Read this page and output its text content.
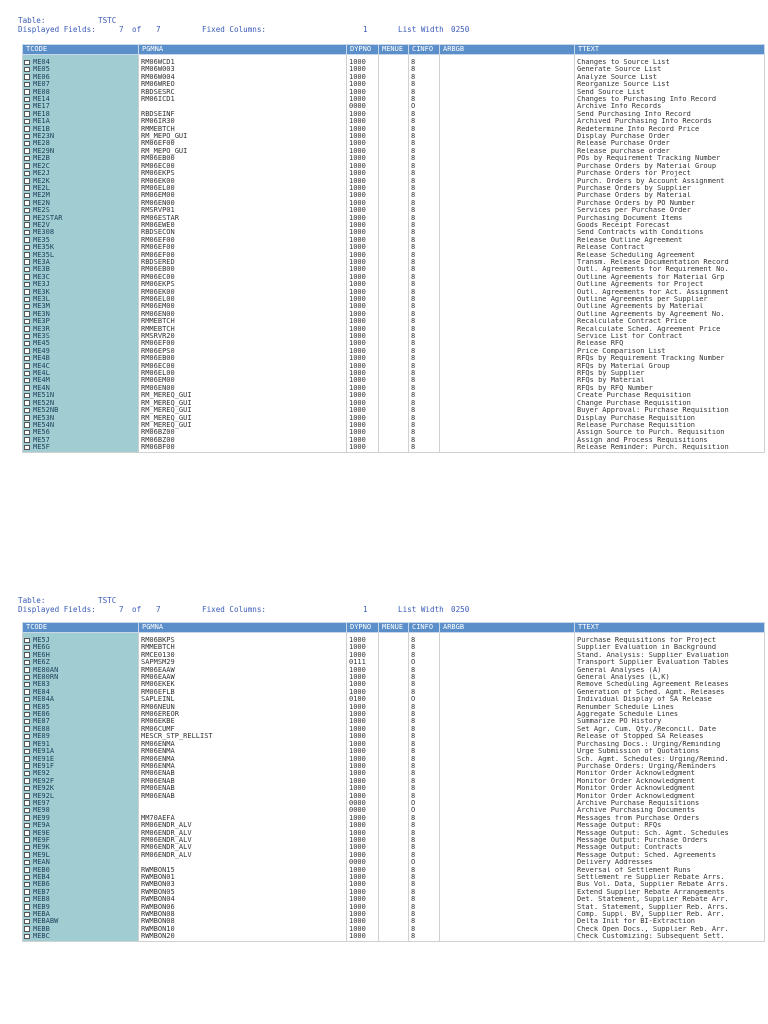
Table:	TSTC
Displayed Fields:	7 of 7	Fixed Columns:	1	List Width 0250
TCODE	PGMNA	DYPNO	MENUE	CINFO	ARBGB	TTEXT

ME04	RM06WCD1	1000		8		Changes to Source List

ME05	RM06W003	1000		8		Generate Source List

ME06	RM06W004	1000		8		Analyze Source List

ME07	RM06WREO	1000		8		Reorganize Source List

ME08	RBDSESRC	1000		8		Send Source List

ME14	RM06ICD1	1000		8		Changes to Purchasing Info Record

ME17		0000		O		Archive Info Records

ME18	RBDSEINF	1000		8		Send Purchasing Info Record

ME1A	RM06IR30	1000		8		Archived Purchasing Info Records

ME1B	RMMEBTCH	1000		8		Redetermine Info Record Price

ME23N	RM_MEPO_GUI	1000		8		Display Purchase Order

ME28	RM06EF00	1000		8		Release Purchase Order

ME29N	RM_MEPO_GUI	1000		8		Release purchase order

ME2B	RM06EB00	1000		8		POs by Requirement Tracking Number

ME2C	RM06EC00	1000		8		Purchase Orders by Material Group

ME2J	RM06EKPS	1000		8		Purchase Orders for Project

ME2K	RM06EK00	1000		8		Purch. Orders by Account Assignment

ME2L	RM06EL00	1000		8		Purchase Orders by Supplier

ME2M	RM06EM00	1000		8		Purchase Orders by Material

ME2N	RM06EN00	1000		8		Purchase Orders by PO Number

ME2S	RMSRVP01	1000		8		Services per Purchase Order

ME2STAR	RM06ESTAR	1000		8		Purchasing Document Items

ME2V	RM06EWE0	1000		8		Goods Receipt Forecast

ME308	RBDSECON	1000		8		Send Contracts with Conditions

ME35	RM06EF00	1000		8		Release Outline Agreement

ME35K	RM06EF00	1000		8		Release Contract

ME35L	RM06EF00	1000		8		Release Scheduling Agreement

ME3A	RBDSERED	1000		8		Transm. Release Documentation Record

ME3B	RM06EB00	1000		8		Outl. Agreements for Requirement No.

ME3C	RM06EC00	1000		8		Outline Agreements for Material Grp

ME3J	RM06EKPS	1000		8		Outline Agreements for Project

ME3K	RM06EK00	1000		8		Outl. Agreements for Act. Assignment

ME3L	RM06EL00	1000		8		Outline Agreements per Supplier

ME3M	RM06EM00	1000		8		Outline Agreements by Material

ME3N	RM06EN00	1000		8		Outline Agreements by Agreement No.

ME3P	RMMEBTCH	1000		8		Recalculate Contract Price

ME3R	RMMEBTCH	1000		8		Recalculate Sched. Agreement Price

ME3S	RMSRVR20	1000		8		Service List for Contract

ME45	RM06EF00	1000		8		Release RFQ

ME49	RM06EPS0	1000		8		Price Comparison List

ME4B	RM06EB00	1000		8		RFQs by Requirement Tracking Number

ME4C	RM06EC00	1000		8		RFQs by Material Group

ME4L	RM06EL00	1000		8		RFQs by Supplier

ME4M	RM06EM00	1000		8		RFQs by Material

ME4N	RM06EN00	1000		8		RFQs by RFQ Number

ME51N	RM_MEREQ_GUI	1000		8		Create Purchase Requisition

ME52N	RM_MEREQ_GUI	1000		8		Change Purchase Requisition

ME52NB	RM_MEREQ_GUI	1000		8		Buyer Approval: Purchase Requisition

ME53N	RM_MEREQ_GUI	1000		8		Display Purchase Requisition

ME54N	RM_MEREQ_GUI	1000		8		Release Purchase Requisition

ME56	RM06BZ00	1000		8		Assign Source to Purch. Requisition

ME57	RM06BZ00	1000		8		Assign and Process Requisitions

ME5F	RM06BF00	1000		8		Release Reminder: Purch. Requisition
Table:	TSTC
Displayed Fields:	7 of 7	Fixed Columns:	1	List Width 0250
TCODE	PGMNA	DYPNO	MENUE	CINFO	ARBGB	TTEXT

ME5J	RM06BKPS	1000		8		Purchase Requisitions for Project

ME6G	RMMEBTCH	1000		8		Supplier Evaluation in Background

ME6H	RMCE0130	1000		8		Stand. Analysis: Supplier Evaluation

ME6Z	SAPMSM29	0111		O		Transport Supplier Evaluation Tables

ME80AN	RM06EAAW	1000		8		General Analyses (A)

ME80RN	RM06EAAW	1000		8		General Analyses (L,K)

ME83	RM06EKEK	1000		8		Remove Scheduling Agreement Releases

ME84	RM06EFLB	1000		8		Generation of Sched. Agmt. Releases

ME84A	SAPLEINL	0100		O		Individual Display of SA Release

ME85	RM06NEUN	1000		8		Renumber Schedule Lines

ME86	RM06EREOR	1000		8		Aggregate Schedule Lines

ME87	RM06EKBE	1000		8		Summarize PO History

ME88	RM06CUMF	1000		8		Set Agr. Cum. Qty./Reconcil. Date

ME89	MESCR_STP_RELLIST	1000		8		Release of Stopped SA Releases

ME91	RM06ENMA	1000		8		Purchasing Docs.: Urging/Reminding

ME91A	RM06ENMA	1000		8		Urge Submission of Quotations

ME91E	RM06ENMA	1000		8		Sch. Agmt. Schedules: Urging/Remind.

ME91F	RM06ENMA	1000		8		Purchase Orders: Urging/Reminders

ME92	RM06ENAB	1000		8		Monitor Order Acknowledgment

ME92F	RM06ENAB	1000		8		Monitor Order Acknowledgment

ME92K	RM06ENAB	1000		8		Monitor Order Acknowledgment

ME92L	RM06ENAB	1000		8		Monitor Order Acknowledgment

ME97		0000		O		Archive Purchase Requisitions

ME98		0000		O		Archive Purchasing Documents

ME99	MM70AEFA	1000		8		Messages from Purchase Orders

ME9A	RM06ENDR_ALV	1000		8		Message Output: RFQs

ME9E	RM06ENDR_ALV	1000		8		Message Output: Sch. Agmt. Schedules

ME9F	RM06ENDR_ALV	1000		8		Message Output: Purchase Orders

ME9K	RM06ENDR_ALV	1000		8		Message Output: Contracts

ME9L	RM06ENDR_ALV	1000		8		Message Output: Sched. Agreements

MEAN		0000		O		Delivery Addresses

MEB0	RWMBON15	1000		8		Reversal of Settlement Runs

MEB4	RWMBON01	1000		8		Settlement re Supplier Rebate Arrs.

MEB6	RWMBON03	1000		8		Bus Vol. Data, Supplier Rebate Arrs.

MEB7	RWMBON05	1000		8		Extend Supplier Rebate Arrangements

MEB8	RWMBON04	1000		8		Det. Statement, Supplier Rebate Arr.

MEB9	RWMBON06	1000		8		Stat. Statement, Supplier Reb. Arrs.

MEBA	RWMBON08	1000		8		Comp. Suppl. BV, Supplier Reb. Arr.

MEBABW	RWMBON08	1000		8		Delta Init for BI-Extraction

MEBB	RWMBON10	1000		8		Check Open Docs., Supplier Reb. Arr.

MEBC	RWMBON20	1000		8		Check Customizing: Subsequent Sett.
